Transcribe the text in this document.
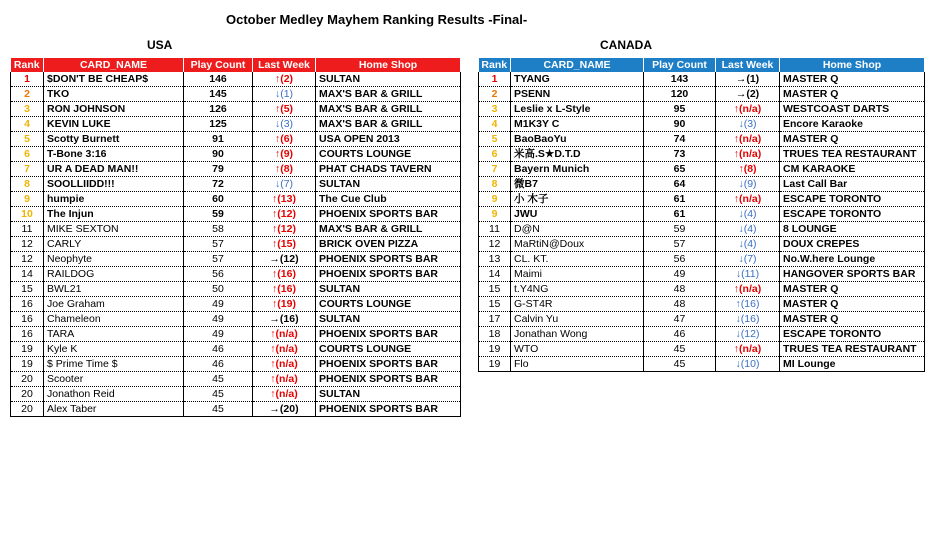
October Medley Mayhem Ranking Results -Final-
USA	CANADA
Rank	CARD_NAME	Play Count	Last Week	Home Shop
1	$DON'T BE CHEAP$	146	↑(2)	SULTAN
2	TKO	145	↓(1)	MAX'S BAR & GRILL
3	RON JOHNSON	126	↑(5)	MAX'S BAR & GRILL
4	KEVIN LUKE	125	↓(3)	MAX'S BAR & GRILL
5	Scotty Burnett	91	↑(6)	USA OPEN 2013
6	T-Bone 3:16	90	↑(9)	COURTS LOUNGE
7	UR A DEAD MAN!!	79	↑(8)	PHAT CHADS TAVERN
8	SOOLLIIDD!!!	72	↓(7)	SULTAN
9	humpie	60	↑(13)	The Cue Club
10	The Injun	59	↑(12)	PHOENIX SPORTS BAR
11	MIKE SEXTON	58	↑(12)	MAX'S BAR & GRILL
12	CARLY	57	↑(15)	BRICK OVEN PIZZA
12	Neophyte	57	→(12)	PHOENIX SPORTS BAR
14	RAILDOG	56	↑(16)	PHOENIX SPORTS BAR
15	BWL21	50	↑(16)	SULTAN
16	Joe Graham	49	↑(19)	COURTS LOUNGE
16	Chameleon	49	→(16)	SULTAN
16	TARA	49	↑(n/a)	PHOENIX SPORTS BAR
19	Kyle K	46	↑(n/a)	COURTS LOUNGE
19	$ Prime Time $	46	↑(n/a)	PHOENIX SPORTS BAR
20	Scooter	45	↑(n/a)	PHOENIX SPORTS BAR
20	Jonathon Reid	45	↑(n/a)	SULTAN
20	Alex Taber	45	→(20)	PHOENIX SPORTS BAR
Rank	CARD_NAME	Play Count	Last Week	Home Shop
1	TYANG	143	→(1)	MASTER Q
2	PSENN	120	→(2)	MASTER Q
3	Leslie x L-Style	95	↑(n/a)	WESTCOAST DARTS
4	M1K3Y C	90	↓(3)	Encore Karaoke
5	BaoBaoYu	74	↑(n/a)	MASTER Q
6	米高.S★D.T.D	73	↑(n/a)	TRUES TEA RESTAURANT
7	Bayern Munich	65	↑(8)	CM KARAOKE
8	微B7	64	↓(9)	Last Call Bar
9	小 木子	61	↑(n/a)	ESCAPE TORONTO
9	JWU	61	↓(4)	ESCAPE TORONTO
11	D@N	59	↓(4)	8 LOUNGE
12	MaRtiN@Doux	57	↓(4)	DOUX CREPES
13	CL. KT.	56	↓(7)	No.W.here Lounge
14	Maimi	49	↓(11)	HANGOVER SPORTS BAR
15	t.Y4NG	48	↑(n/a)	MASTER Q
15	G-ST4R	48	↑(16)	MASTER Q
17	Calvin Yu	47	↓(16)	MASTER Q
18	Jonathan Wong	46	↓(12)	ESCAPE TORONTO
19	WTO	45	↑(n/a)	TRUES TEA RESTAURANT
19	Flo	45	↓(10)	MI Lounge
